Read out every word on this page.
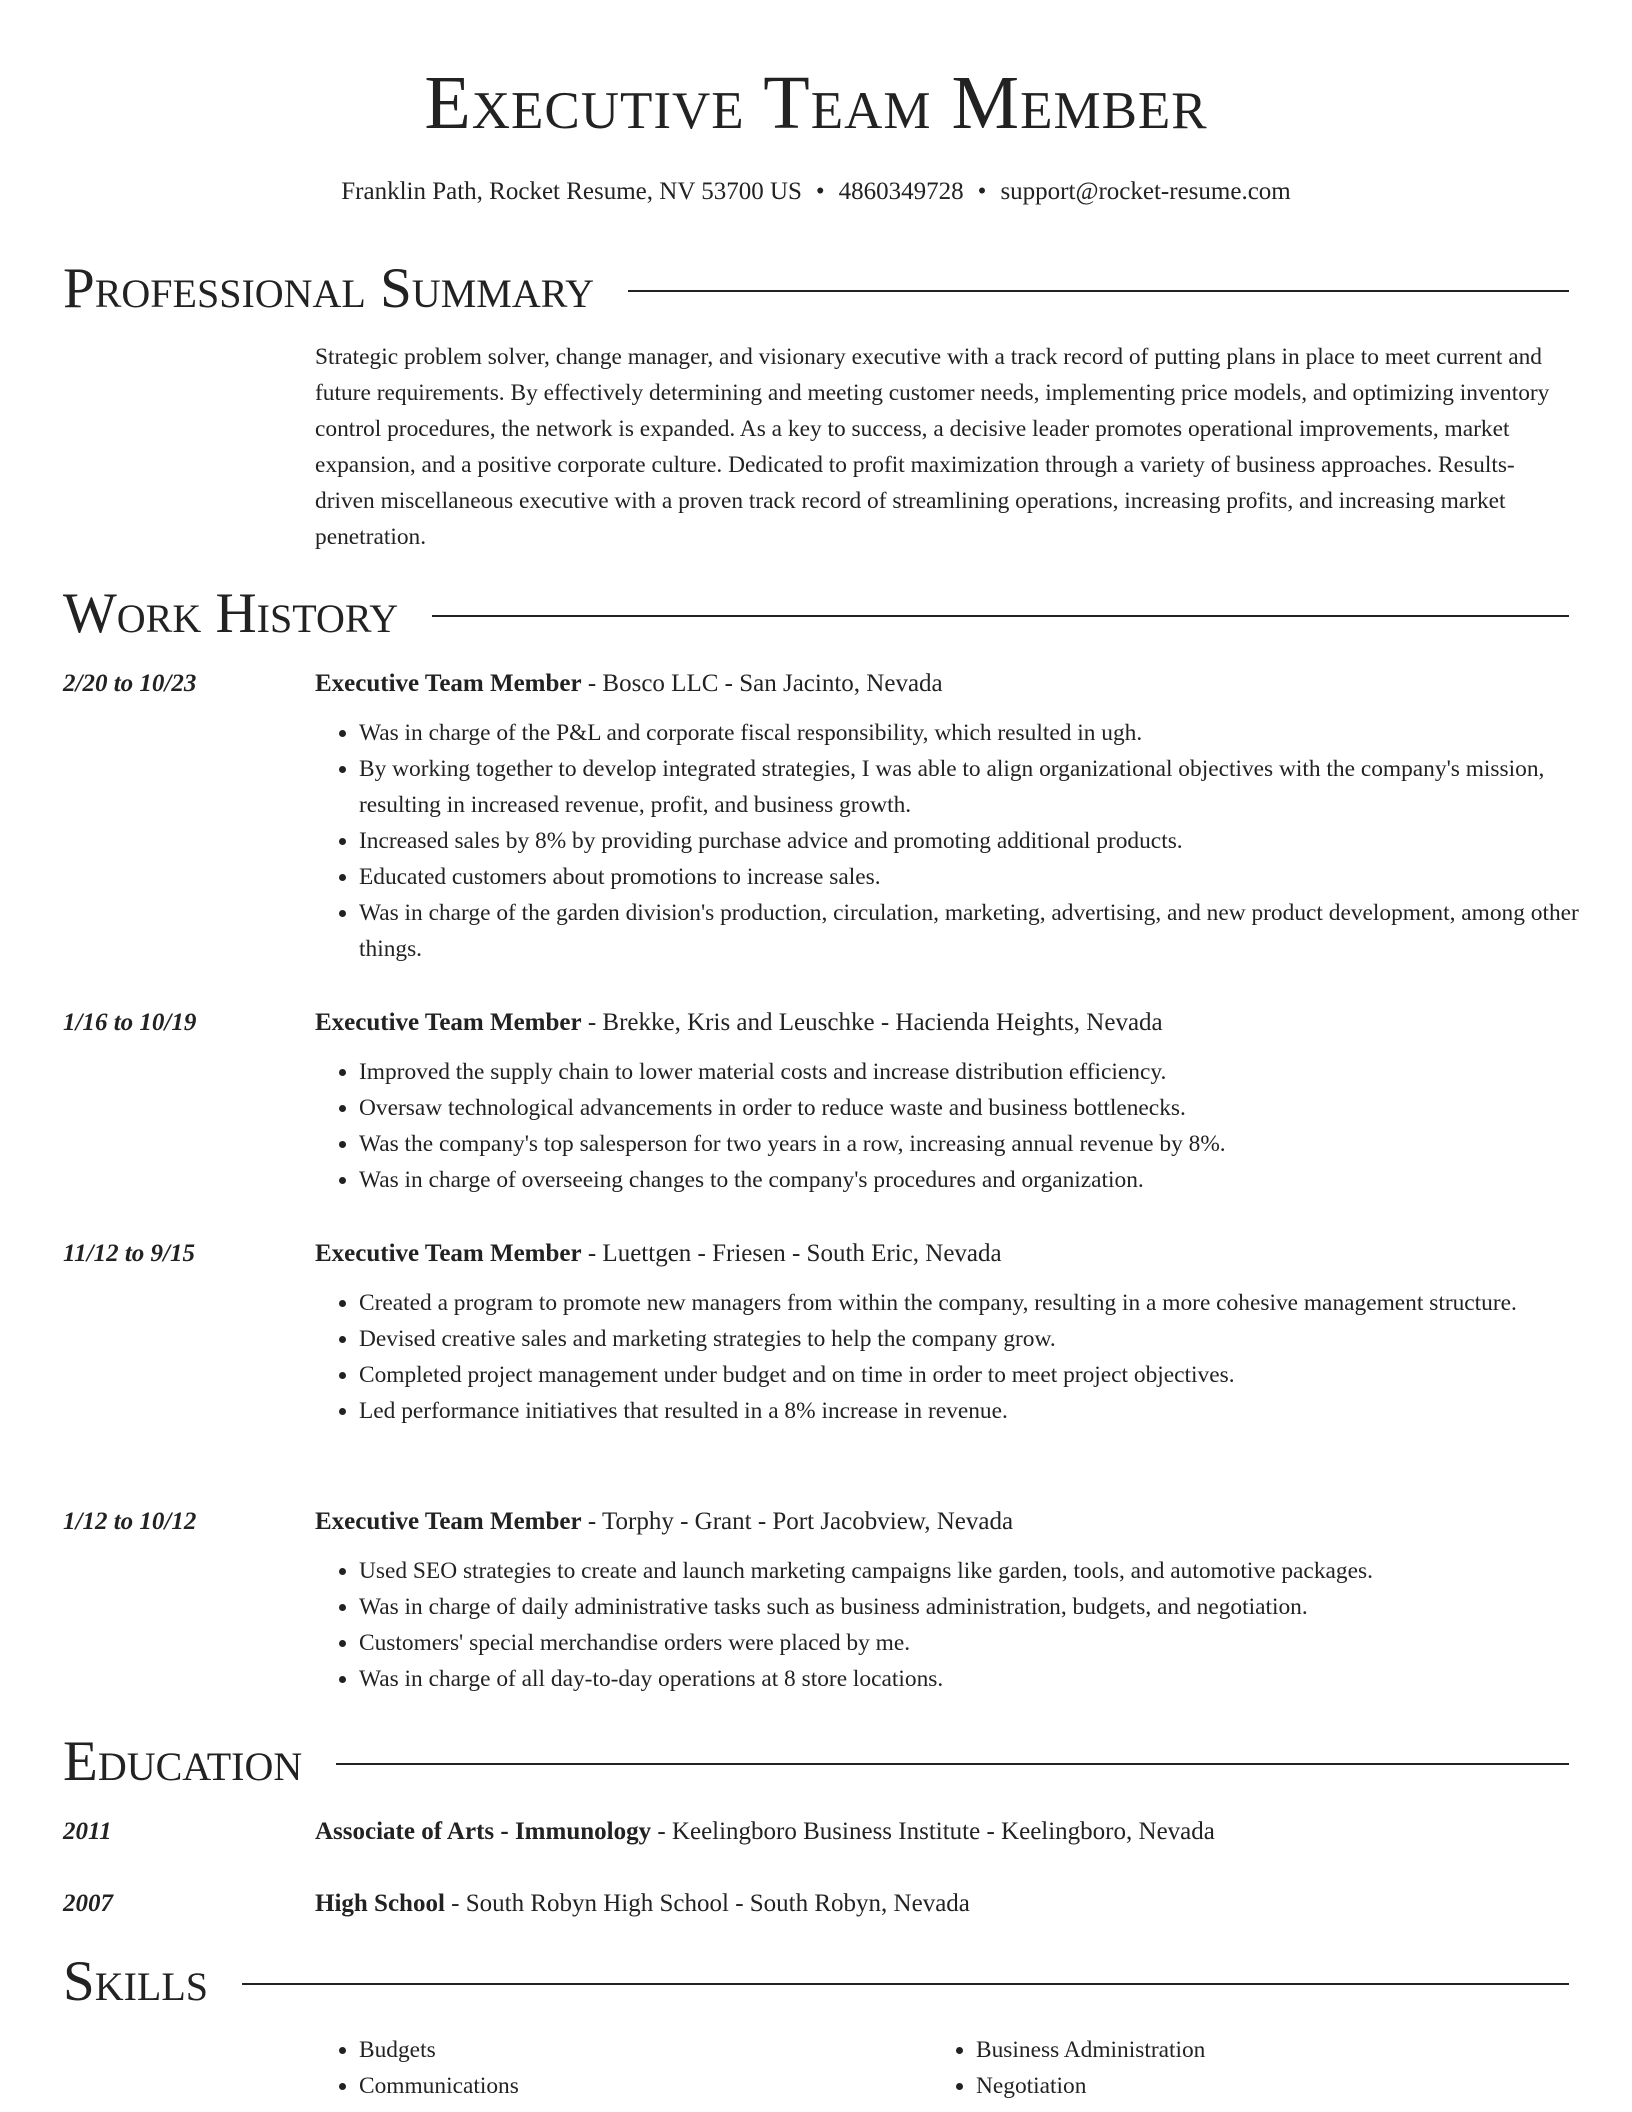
Executive Team Member
Franklin Path, Rocket Resume, NV 53700 US • 4860349728 • support@rocket-resume.com
Professional Summary
Strategic problem solver, change manager, and visionary executive with a track record of putting plans in place to meet current and future requirements. By effectively determining and meeting customer needs, implementing price models, and optimizing inventory control procedures, the network is expanded. As a key to success, a decisive leader promotes operational improvements, market expansion, and a positive corporate culture. Dedicated to profit maximization through a variety of business approaches. Results-driven miscellaneous executive with a proven track record of streamlining operations, increasing profits, and increasing market penetration.
Work History
2/20 to 10/23	Executive Team Member - Bosco LLC - San Jacinto, Nevada
• Was in charge of the P&L and corporate fiscal responsibility, which resulted in ugh.
• By working together to develop integrated strategies, I was able to align organizational objectives with the company's mission, resulting in increased revenue, profit, and business growth.
• Increased sales by 8% by providing purchase advice and promoting additional products.
• Educated customers about promotions to increase sales.
• Was in charge of the garden division's production, circulation, marketing, advertising, and new product development, among other things.
1/16 to 10/19	Executive Team Member - Brekke, Kris and Leuschke - Hacienda Heights, Nevada
• Improved the supply chain to lower material costs and increase distribution efficiency.
• Oversaw technological advancements in order to reduce waste and business bottlenecks.
• Was the company's top salesperson for two years in a row, increasing annual revenue by 8%.
• Was in charge of overseeing changes to the company's procedures and organization.
11/12 to 9/15	Executive Team Member - Luettgen - Friesen - South Eric, Nevada
• Created a program to promote new managers from within the company, resulting in a more cohesive management structure.
• Devised creative sales and marketing strategies to help the company grow.
• Completed project management under budget and on time in order to meet project objectives.
• Led performance initiatives that resulted in a 8% increase in revenue.
1/12 to 10/12	Executive Team Member - Torphy - Grant - Port Jacobview, Nevada
• Used SEO strategies to create and launch marketing campaigns like garden, tools, and automotive packages.
• Was in charge of daily administrative tasks such as business administration, budgets, and negotiation.
• Customers' special merchandise orders were placed by me.
• Was in charge of all day-to-day operations at 8 store locations.
Education
2011	Associate of Arts - Immunology - Keelingboro Business Institute - Keelingboro, Nevada
2007	High School - South Robyn High School - South Robyn, Nevada
Skills
• Budgets
• Communications
• Business Administration
• Negotiation
